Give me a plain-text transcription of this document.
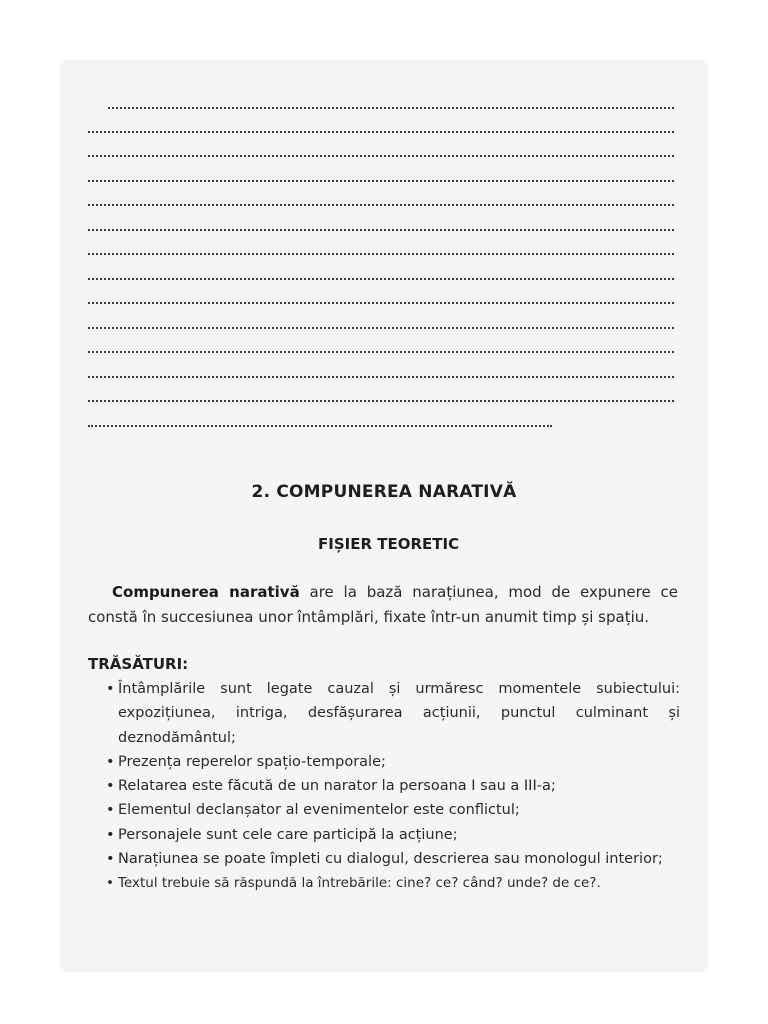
2. COMPUNEREA NARATIVĂ
FIȘIER TEORETIC

Compunerea narativă are la bază narațiunea, mod de expunere ce constă în succesiunea unor întâmplări, fixate într-un anumit timp și spațiu.

TRĂSĂTURI:
• Întâmplările sunt legate cauzal și urmăresc momentele subiectului: expozițiunea, intriga, desfășurarea acțiunii, punctul culminant și deznodământul;
• Prezența reperelor spațio-temporale;
• Relatarea este făcută de un narator la persoana I sau a III-a;
• Elementul declanșator al evenimentelor este conflictul;
• Personajele sunt cele care participă la acțiune;
• Narațiunea se poate împleti cu dialogul, descrierea sau monologul interior;
• Textul trebuie să răspundă la întrebările: cine? ce? când? unde? de ce?.
